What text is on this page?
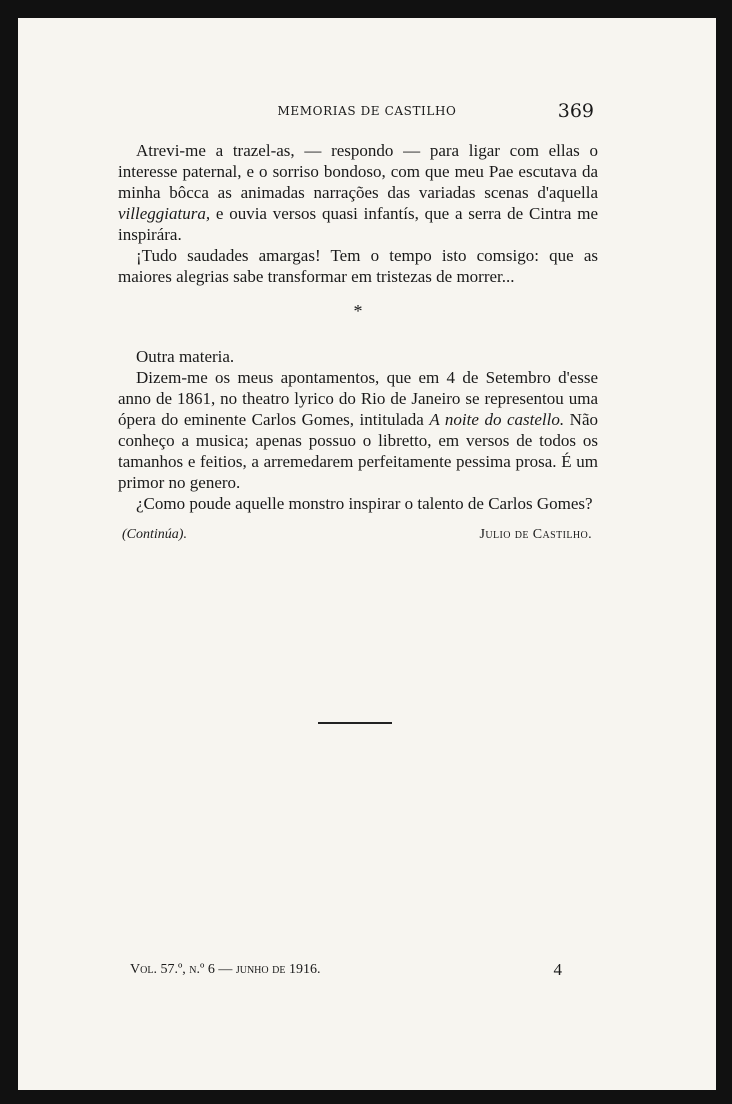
MEMORIAS DE CASTILHO	369

Atrevi-me a trazel-as, — respondo — para ligar com ellas o interesse paternal, e o sorriso bondoso, com que meu Pae escutava da minha bôcca as animadas narrações das variadas scenas d'aquella villeggiatura, e ouvia versos quasi infantís, que a serra de Cintra me inspirára.

¡Tudo saudades amargas! Tem o tempo isto comsigo: que as maiores alegrias sabe transformar em tristezas de morrer...

*

Outra materia.

Dizem-me os meus apontamentos, que em 4 de Setembro d'esse anno de 1861, no theatro lyrico do Rio de Janeiro se representou uma ópera do eminente Carlos Gomes, intitulada A noite do castello. Não conheço a musica; apenas possuo o libretto, em versos de todos os tamanhos e feitios, a arremedarem perfeitamente pessima prosa. É um primor no genero.

¿Como poude aquelle monstro inspirar o talento de Carlos Gomes?

(Continúa).	Julio de Castilho.
Vol. 57.º, n.º 6 — junho de 1916.	4
